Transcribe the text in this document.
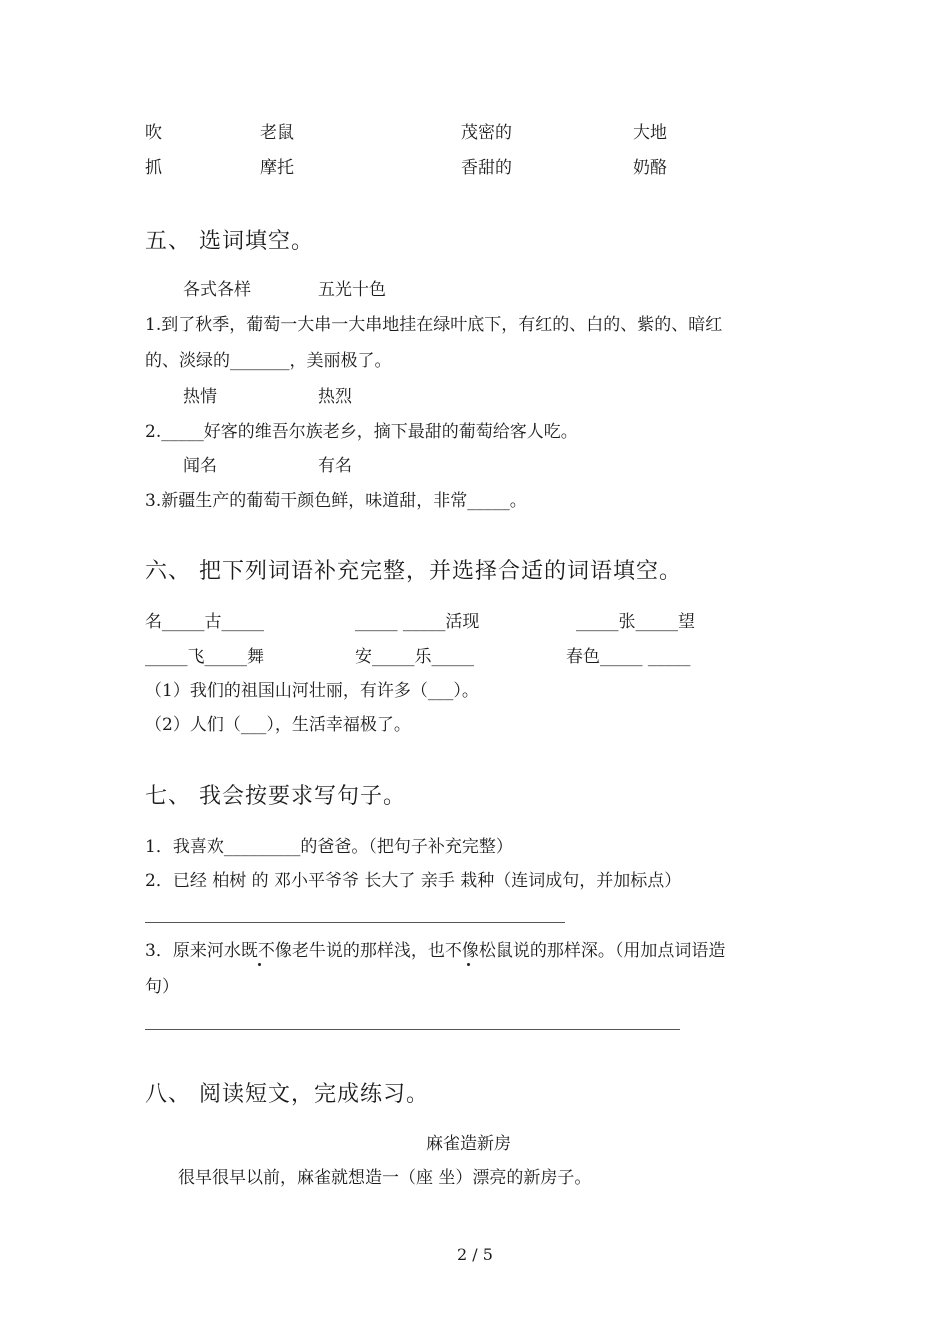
吹	老鼠	茂密的	大地
抓	摩托	香甜的	奶酪
五、 选词填空。
各式各样	五光十色
1.到了秋季，葡萄一大串一大串地挂在绿叶底下，有红的、白的、紫的、暗红
的、淡绿的_______，美丽极了。
热情	热烈
2._____好客的维吾尔族老乡，摘下最甜的葡萄给客人吃。
闻名	有名
3.新疆生产的葡萄干颜色鲜，味道甜，非常_____。
六、 把下列词语补充完整，并选择合适的词语填空。
名_____古_____	_____ _____活现	_____张_____望
_____飞_____舞	安_____乐_____	春色_____ _____
（1）我们的祖国山河壮丽，有许多（___）。
（2）人们（___），生活幸福极了。
七、 我会按要求写句子。
1．我喜欢_________的爸爸。（把句子补充完整）
2．已经 柏树 的 邓小平爷爷 长大了 亲手 栽种（连词成句，并加标点）
3．原来河水既不像老牛说的那样浅，也不像松鼠说的那样深。（用加点词语造
句）
八、 阅读短文，完成练习。
麻雀造新房
很早很早以前，麻雀就想造一（座 坐）漂亮的新房子。
2 / 5
